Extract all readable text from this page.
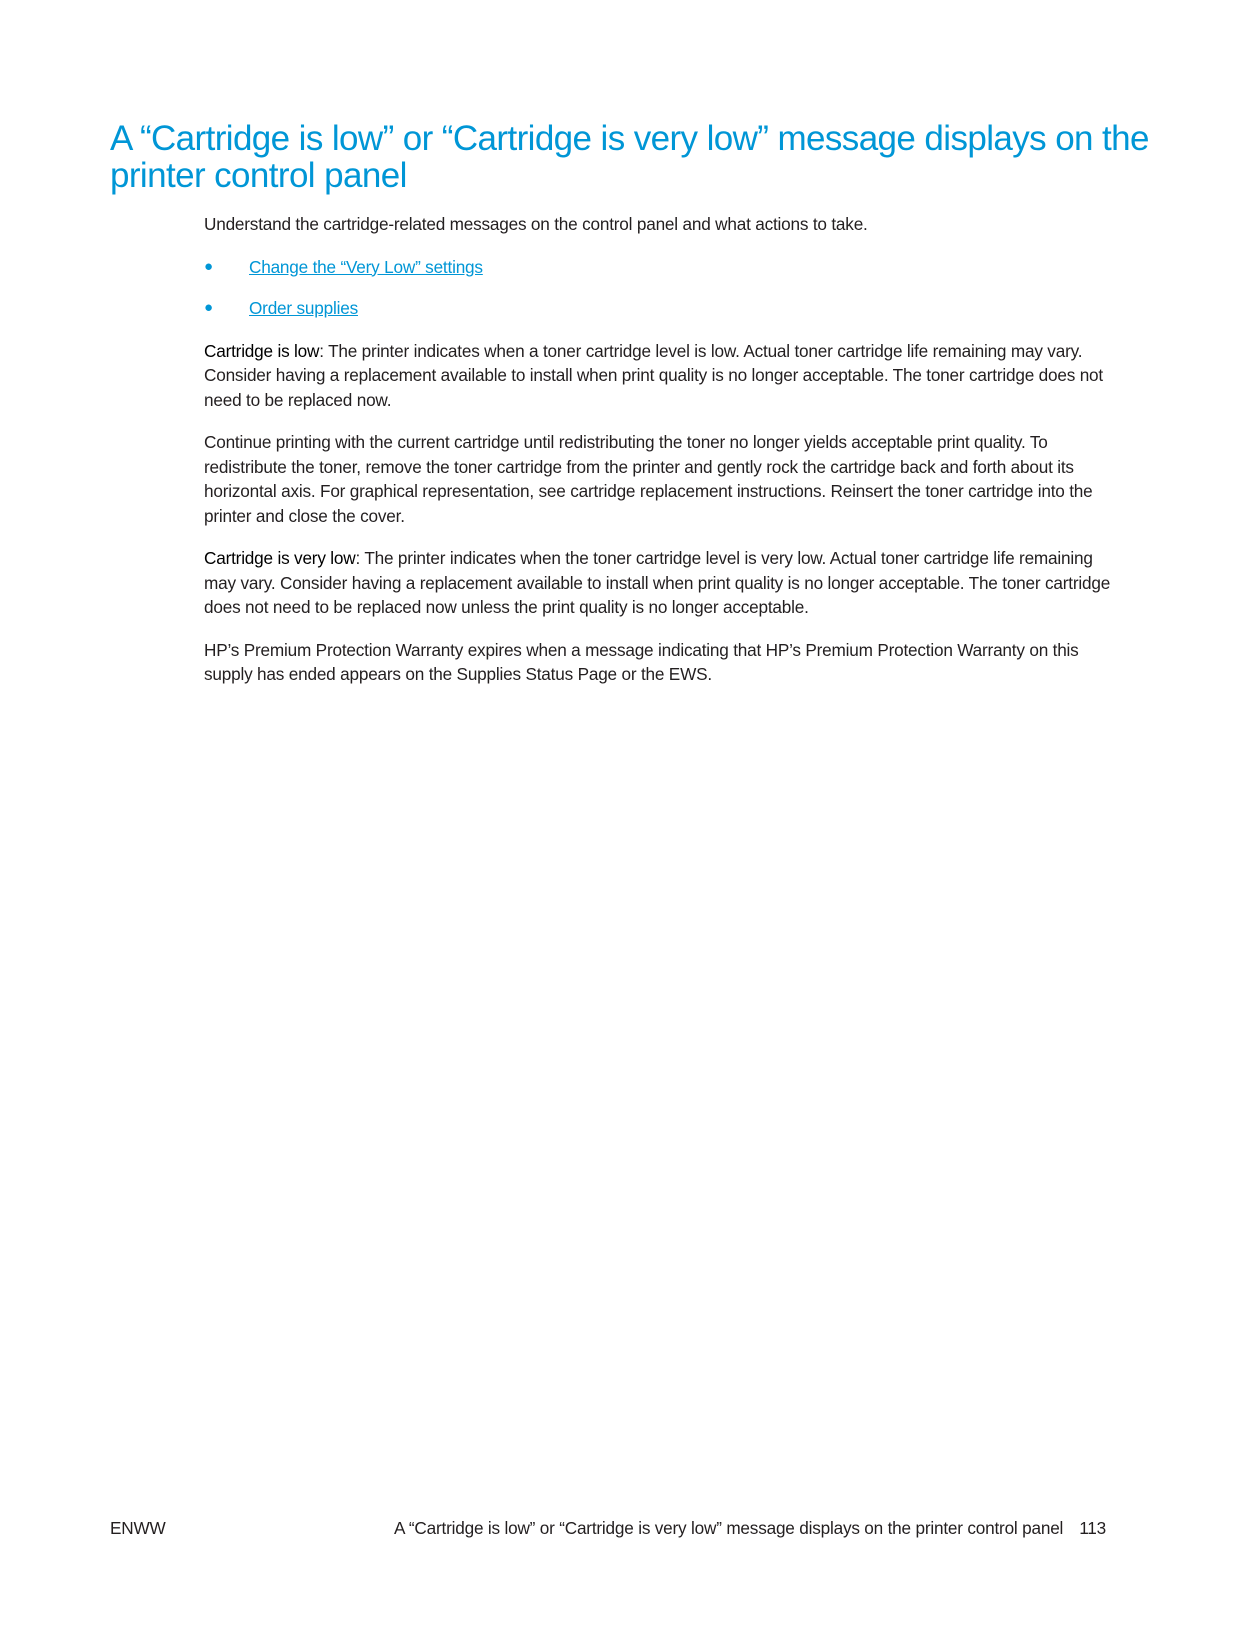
A “Cartridge is low” or “Cartridge is very low” message displays on the printer control panel

Understand the cartridge-related messages on the control panel and what actions to take.

● Change the “Very Low” settings
● Order supplies

Cartridge is low: The printer indicates when a toner cartridge level is low. Actual toner cartridge life remaining may vary. Consider having a replacement available to install when print quality is no longer acceptable. The toner cartridge does not need to be replaced now.

Continue printing with the current cartridge until redistributing the toner no longer yields acceptable print quality. To redistribute the toner, remove the toner cartridge from the printer and gently rock the cartridge back and forth about its horizontal axis. For graphical representation, see cartridge replacement instructions. Reinsert the toner cartridge into the printer and close the cover.

Cartridge is very low: The printer indicates when the toner cartridge level is very low. Actual toner cartridge life remaining may vary. Consider having a replacement available to install when print quality is no longer acceptable. The toner cartridge does not need to be replaced now unless the print quality is no longer acceptable.

HP’s Premium Protection Warranty expires when a message indicating that HP’s Premium Protection Warranty on this supply has ended appears on the Supplies Status Page or the EWS.

ENWW	A “Cartridge is low” or “Cartridge is very low” message displays on the printer control panel 113
